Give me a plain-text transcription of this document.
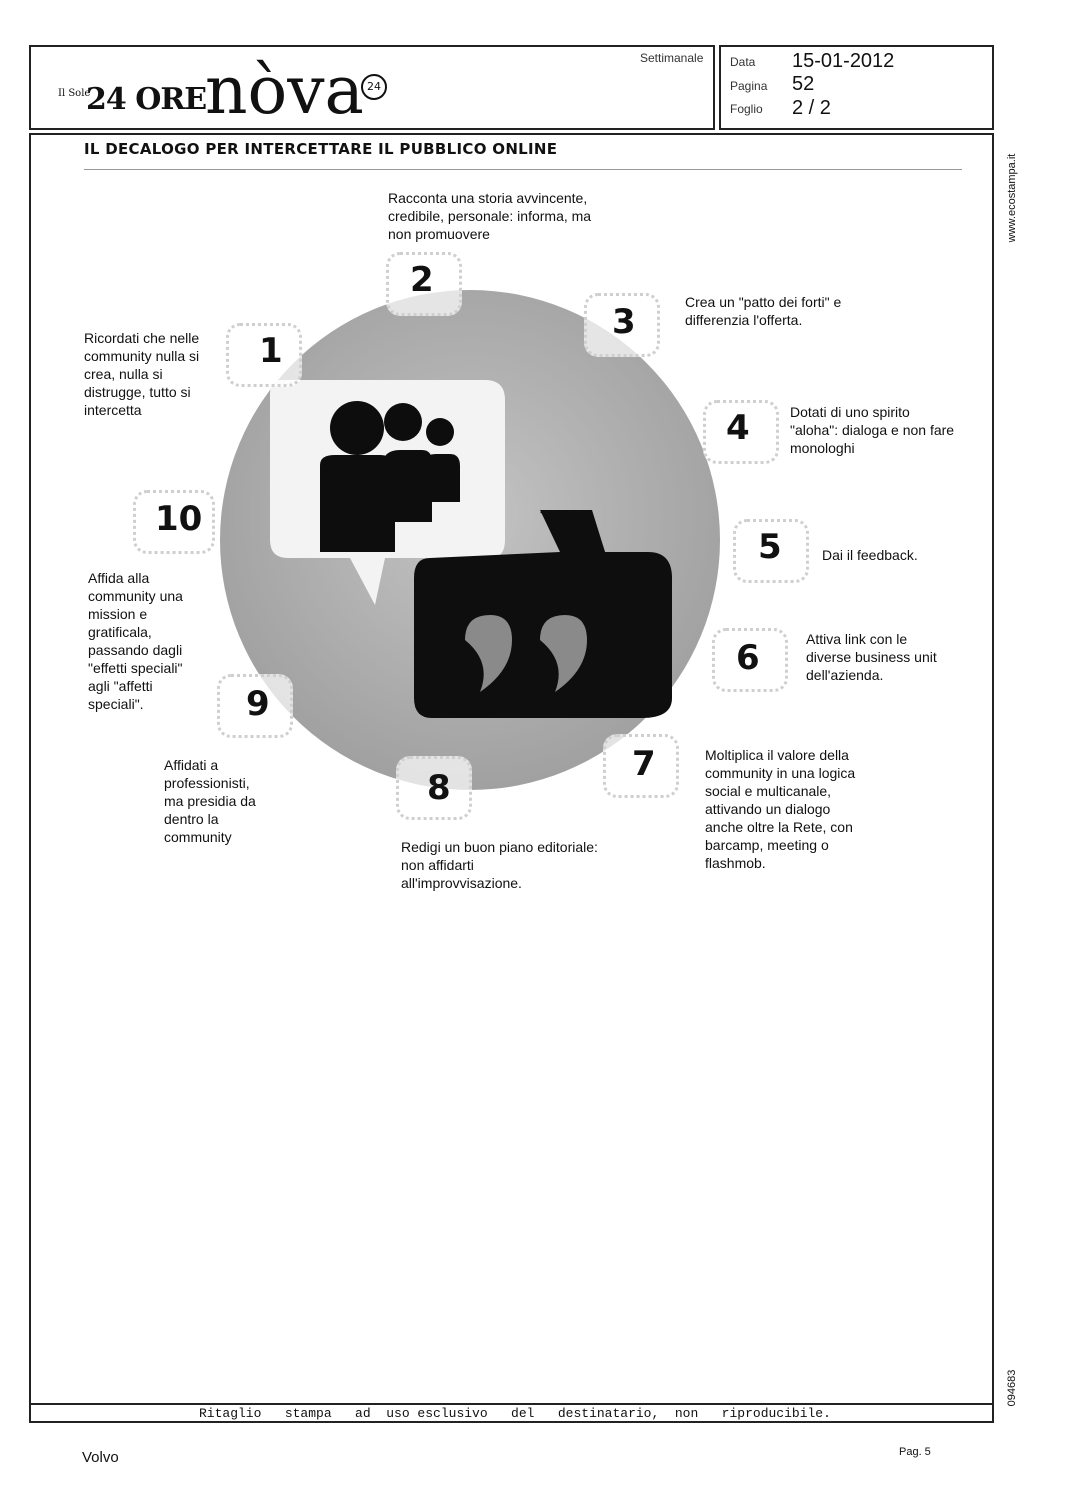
Il Sole
24 ORE
nòva 24
Settimanale Data 15-01-2012
Pagina 52
Foglio 2 / 2
IL DECALOGO PER INTERCETTARE IL PUBBLICO ONLINE
www.ecostampa.it
094683
1
2
3
4
5
6
7
8
9
10
Ricordati che nelle
community nulla si
crea, nulla si
distrugge, tutto si
intercetta
Racconta una storia avvincente,
credibile, personale: informa, ma
non promuovere
Crea un "patto dei forti" e
differenzia l'offerta.
Dotati di uno spirito
"aloha": dialoga e non fare
monologhi
Dai il feedback.
Attiva link con le
diverse business unit
dell'azienda.
Moltiplica il valore della
community in una logica
social e multicanale,
attivando un dialogo
anche oltre la Rete, con
barcamp, meeting o
flashmob.
Redigi un buon piano editoriale:
non affidarti
all'improvvisazione.
Affidati a
professionisti,
ma presidia da
dentro la
community
Affida alla
community una
mission e
gratificala,
passando dagli
"effetti speciali"
agli "affetti
speciali".
Ritaglio   stampa   ad  uso esclusivo   del   destinatario,  non   riproducibile.
Volvo	Pag. 5
